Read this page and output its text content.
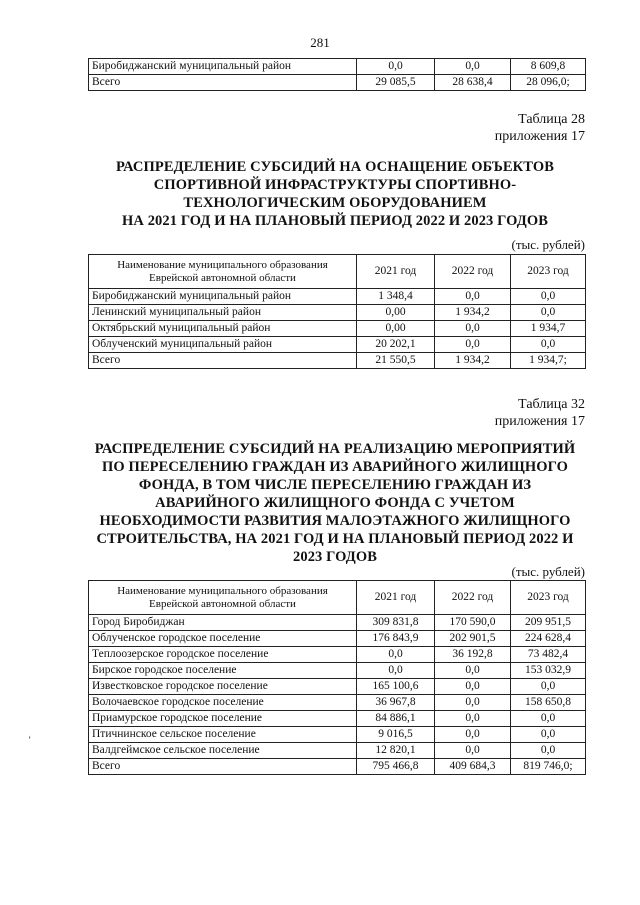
281
Биробиджанский муниципальный район	0,0	0,0	8 609,8
Всего	29 085,5	28 638,4	28 096,0;
Таблица 28
приложения 17
РАСПРЕДЕЛЕНИЕ СУБСИДИЙ НА ОСНАЩЕНИЕ ОБЪЕКТОВ
СПОРТИВНОЙ ИНФРАСТРУКТУРЫ СПОРТИВНО-
ТЕХНОЛОГИЧЕСКИМ ОБОРУДОВАНИЕМ
НА 2021 ГОД И НА ПЛАНОВЫЙ ПЕРИОД 2022 И 2023 ГОДОВ
(тыс. рублей)
Наименование муниципального образования Еврейской автономной области	2021 год	2022 год	2023 год
Биробиджанский муниципальный район	1 348,4	0,0	0,0
Ленинский муниципальный район	0,00	1 934,2	0,0
Октябрьский муниципальный район	0,00	0,0	1 934,7
Облученский муниципальный район	20 202,1	0,0	0,0
Всего	21 550,5	1 934,2	1 934,7;
Таблица 32
приложения 17
РАСПРЕДЕЛЕНИЕ СУБСИДИЙ НА РЕАЛИЗАЦИЮ МЕРОПРИЯТИЙ
ПО ПЕРЕСЕЛЕНИЮ ГРАЖДАН ИЗ АВАРИЙНОГО ЖИЛИЩНОГО
ФОНДА, В ТОМ ЧИСЛЕ ПЕРЕСЕЛЕНИЮ ГРАЖДАН ИЗ
АВАРИЙНОГО ЖИЛИЩНОГО ФОНДА С УЧЕТОМ
НЕОБХОДИМОСТИ РАЗВИТИЯ МАЛОЭТАЖНОГО ЖИЛИЩНОГО
СТРОИТЕЛЬСТВА, НА 2021 ГОД И НА ПЛАНОВЫЙ ПЕРИОД 2022 И
2023 ГОДОВ
(тыс. рублей)
Наименование муниципального образования Еврейской автономной области	2021 год	2022 год	2023 год
Город Биробиджан	309 831,8	170 590,0	209 951,5
Облученское городское поселение	176 843,9	202 901,5	224 628,4
Теплоозерское городское поселение	0,0	36 192,8	73 482,4
Бирское городское поселение	0,0	0,0	153 032,9
Известковское городское поселение	165 100,6	0,0	0,0
Волочаевское городское поселение	36 967,8	0,0	158 650,8
Приамурское городское поселение	84 886,1	0,0	0,0
Птичнинское сельское поселение	9 016,5	0,0	0,0
Валдгеймское сельское поселение	12 820,1	0,0	0,0
Всего	795 466,8	409 684,3	819 746,0;
‘
